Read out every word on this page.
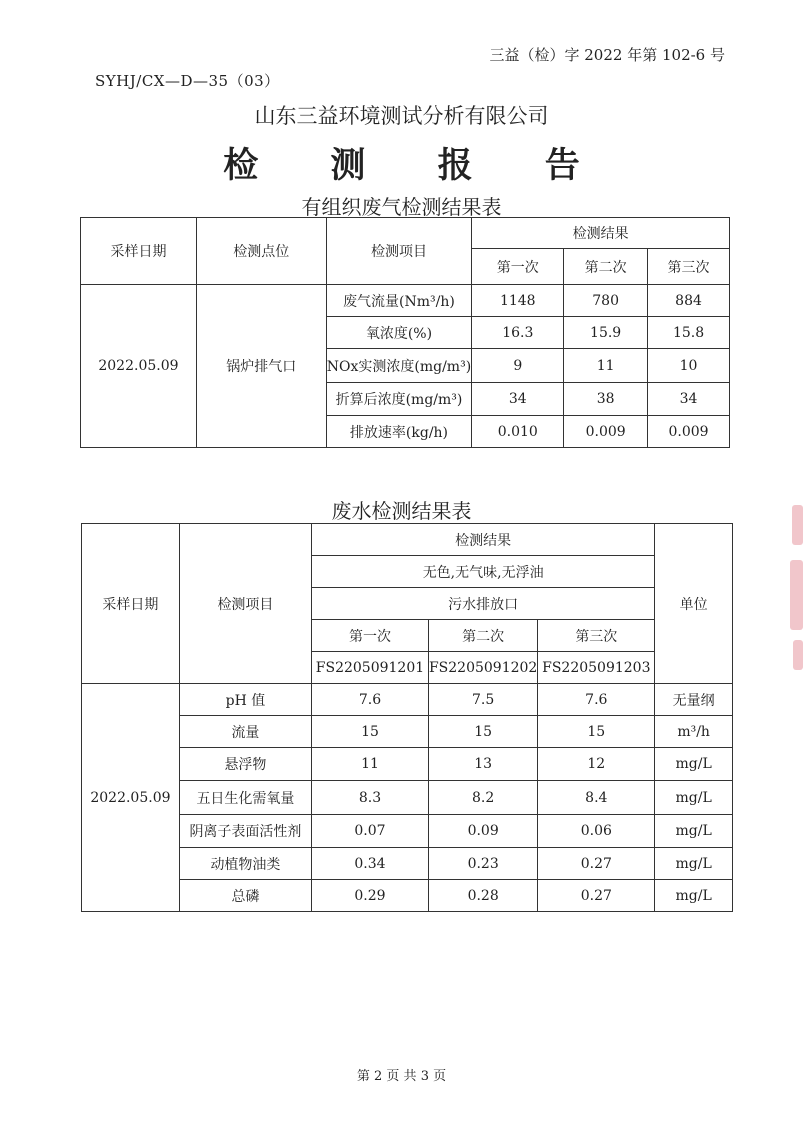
三益（检）字 2022 年第 102-6 号
SYHJ/CX—D—35（03）
山东三益环境测试分析有限公司
检 测 报 告
有组织废气检测结果表
采样日期	检测点位	检测项目	检测结果		
			第一次	第二次	第三次
2022.05.09	锅炉排气口	废气流量(Nm³/h)	1148	780	884
		氧浓度(%)	16.3	15.9	15.8
		NOx实测浓度(mg/m³)	9	11	10
		折算后浓度(mg/m³)	34	38	34
		排放速率(kg/h)	0.010	0.009	0.009
废水检测结果表
采样日期	检测项目	检测结果			单位
		无色,无气味,无浮油			
		污水排放口			
		第一次	第二次	第三次	
		FS2205091201	FS2205091202	FS2205091203	
2022.05.09	pH 值	7.6	7.5	7.6	无量纲
	流量	15	15	15	m³/h
	悬浮物	11	13	12	mg/L
	五日生化需氧量	8.3	8.2	8.4	mg/L
	阴离子表面活性剂	0.07	0.09	0.06	mg/L
	动植物油类	0.34	0.23	0.27	mg/L
	总磷	0.29	0.28	0.27	mg/L
第 2 页 共 3 页
